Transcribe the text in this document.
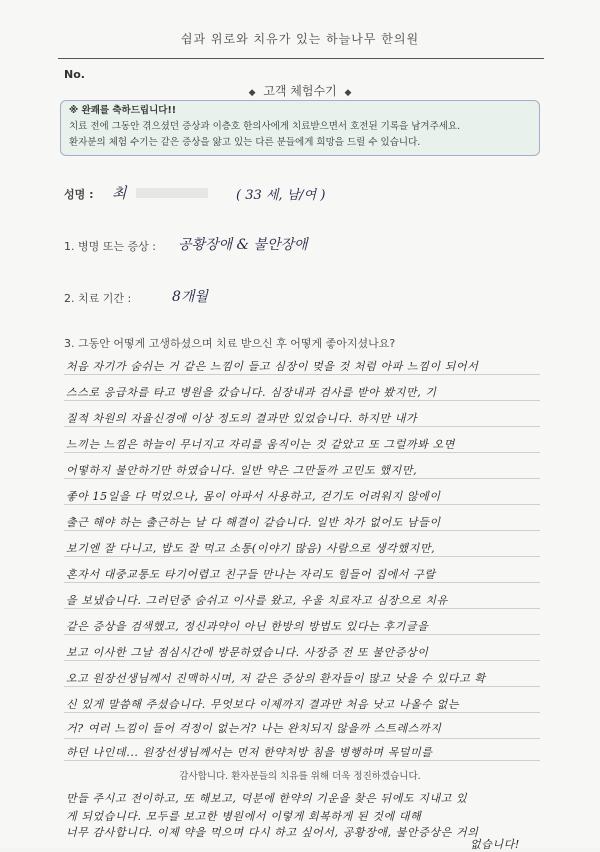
쉼과 위로와 치유가 있는 하늘나무 한의원
No.
◆ 고객 체험수기 ◆
※ 완쾌를 축하드립니다!!
치료 전에 그동안 겪으셨던 증상과 이층호 한의사에게 치료받으면서 호전된 기록을 남겨주세요.
환자분의 체험 수기는 같은 증상을 앓고 있는 다른 분들에게 희망을 드릴 수 있습니다.
성명 : 최	( 33 세, 남/여 )
1. 병명 또는 증상 : 공황장애 & 불안장애
2. 치료 기간 :	8개월
3. 그동안 어떻게 고생하셨으며 치료 받으신 후 어떻게 좋아지셨나요?
처음 자기가 숨쉬는 거 같은 느낌이 들고 심장이 멎을 것 처럼 아파 느낌이 되어서
스스로 응급차를 타고 병원을 갔습니다. 심장내과 검사를 받아 봤지만, 기
질적 차원의 자율신경에 이상 정도의 결과만 있었습니다. 하지만 내가
느끼는 느낌은 하늘이 무너지고 자리를 움직이는 것 같았고 또 그럴까봐 오면
어떻하지 불안하기만 하였습니다. 일반 약은 그만둘까 고민도 했지만,
좋아 15일을 다 먹었으나, 몸이 아파서 사용하고, 걷기도 어려워지 않에이
출근 해야 하는 출근하는 날 다 해결이 같습니다. 일반 차가 없어도 남들이
보기엔 잘 다니고, 밥도 잘 먹고 소통(이야기 많음) 사람으로 생각했지만,
혼자서 대중교통도 타기어렵고 친구들 만나는 자리도 힘들어 집에서 구랄
을 보냈습니다. 그러던중 숨쉬고 이사를 왔고, 우울 치료자고 심장으로 치유
같은 증상을 검색했고, 정신과약이 아닌 한방의 방법도 있다는 후기글을
보고 이사한 그날 점심시간에 방문하였습니다. 사장증 전 또 불안증상이
오고 원장선생님께서 진맥하시며, 저 같은 증상의 환자들이 많고 낫을 수 있다고 확
신 있게 말씀해 주셨습니다. 무엇보다 이제까지 결과만 처음 낫고 나올수 없는
거? 여러 느낌이 들어 걱정이 없는거? 나는 완치되지 않을까 스트레스까지
하던 나인데... 원장선생님께서는 먼저 한약처방 침을 병행하며 목덜미를
감사합니다. 환자분들의 치유를 위해 더욱 정진하겠습니다.
만들 주시고 전이하고, 또 해보고, 덕분에 한약의 기운을 찾은 뒤에도 지내고 있
게 되었습니다. 모두를 보고한 병원에서 이렇게 회복하게 된 것에 대해
너무 감사합니다. 이제 약을 먹으며 다시 하고 싶어서, 공황장애, 불안증상은 거의
없습니다!
